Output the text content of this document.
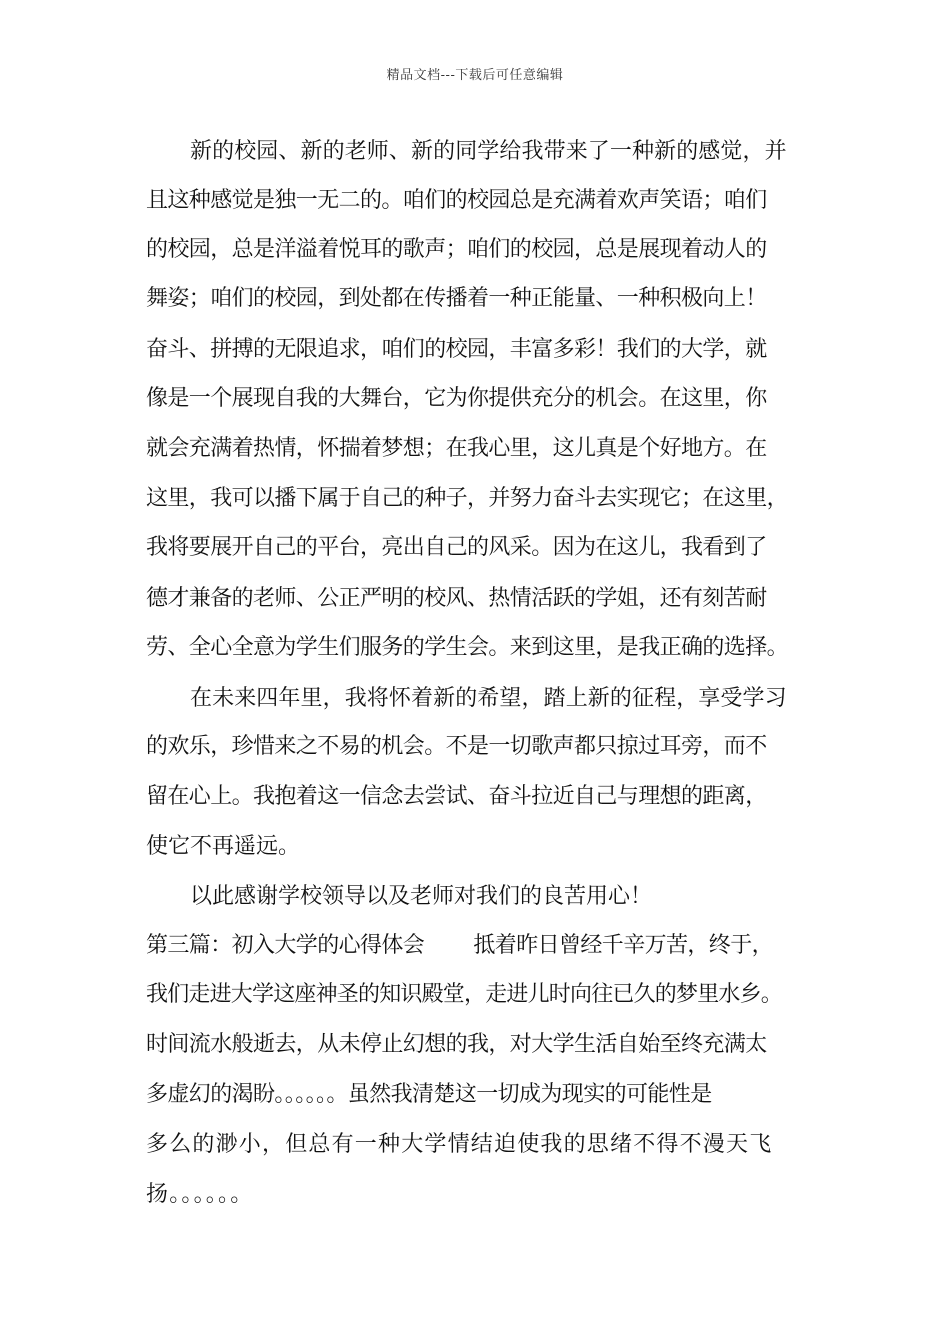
精品文档---下载后可任意编辑
新的校园、新的老师、新的同学给我带来了一种新的感觉，并
且这种感觉是独一无二的。咱们的校园总是充满着欢声笑语；咱们
的校园，总是洋溢着悦耳的歌声；咱们的校园，总是展现着动人的
舞姿；咱们的校园，到处都在传播着一种正能量、一种积极向上！
奋斗、拼搏的无限追求，咱们的校园，丰富多彩！我们的大学，就
像是一个展现自我的大舞台，它为你提供充分的机会。在这里，你
就会充满着热情，怀揣着梦想；在我心里，这儿真是个好地方。在
这里，我可以播下属于自己的种子，并努力奋斗去实现它；在这里，
我将要展开自己的平台，亮出自己的风采。因为在这儿，我看到了
德才兼备的老师、公正严明的校风、热情活跃的学姐，还有刻苦耐
劳、全心全意为学生们服务的学生会。来到这里，是我正确的选择。
在未来四年里，我将怀着新的希望，踏上新的征程，享受学习
的欢乐，珍惜来之不易的机会。不是一切歌声都只掠过耳旁，而不
留在心上。我抱着这一信念去尝试、奋斗拉近自己与理想的距离，
使它不再遥远。
以此感谢学校领导以及老师对我们的良苦用心！
第三篇：初入大学的心得体会　　 抵着昨日曾经千辛万苦，终于，
我们走进大学这座神圣的知识殿堂，走进儿时向往已久的梦里水乡。
时间流水般逝去，从未停止幻想的我，对大学生活自始至终充满太
多虚幻的渴盼。。。。。。虽然我清楚这一切成为现实的可能性是
多么的渺小，但总有一种大学情结迫使我的思绪不得不漫天飞
扬。。。。。。
